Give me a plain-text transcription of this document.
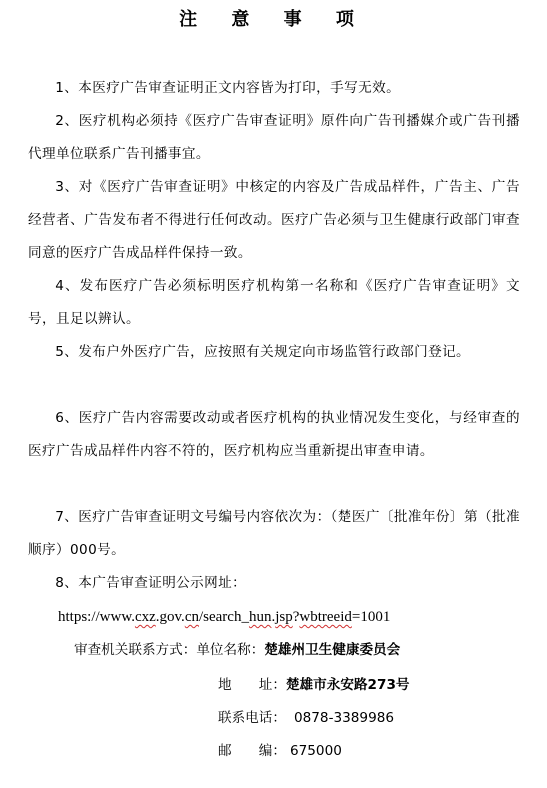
注 意 事 项

1、本医疗广告审查证明正文内容皆为打印，手写无效。

2、医疗机构必须持《医疗广告审查证明》原件向广告刊播媒介或广告刊播代理单位联系广告刊播事宜。

3、对《医疗广告审查证明》中核定的内容及广告成品样件，广告主、广告经营者、广告发布者不得进行任何改动。医疗广告必须与卫生健康行政部门审查同意的医疗广告成品样件保持一致。

4、发布医疗广告必须标明医疗机构第一名称和《医疗广告审查证明》文号，且足以辨认。

5、发布户外医疗广告，应按照有关规定向市场监管行政部门登记。

6、医疗广告内容需要改动或者医疗机构的执业情况发生变化，与经审查的医疗广告成品样件内容不符的，医疗机构应当重新提出审查申请。

7、医疗广告审查证明文号编号内容依次为：（楚医广〔批准年份〕第（批准顺序）000号。

8、本广告审查证明公示网址：

https://www.cxz.gov.cn/search_hun.jsp?wbtreeid=1001
审查机关联系方式：单位名称：楚雄州卫生健康委员会
地　　址：楚雄市永安路273号
联系电话： 0878-3389986
邮　　编： 675000
